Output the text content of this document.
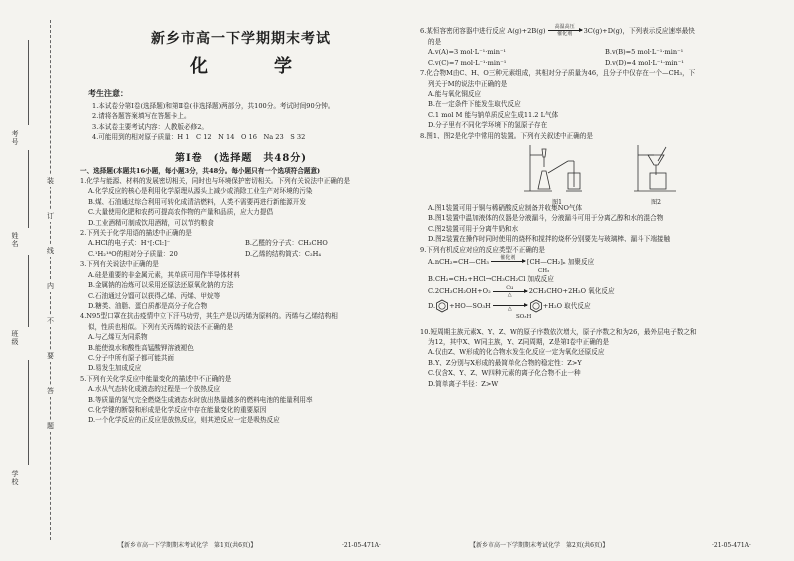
装
订
线
内
不
要
答
题
考号
姓名
班级
学校
新乡市高一下学期期末考试
化　学
考生注意：
1.本试卷分第Ⅰ卷(选择题)和第Ⅱ卷(非选择题)两部分，共100分。考试时间90分钟。
2.请将各题答案填写在答题卡上。
3.本试卷主要考试内容：人教版必修2。
4.可能用到的相对原子质量：H 1　C 12　N 14　O 16　Na 23　S 32
第Ⅰ卷　(选择题　共48分)
一、选择题(本题共16小题，每小题3分，共48分。每小题只有一个选项符合题意)
1.化学与能源、材料的发展密切相关，同时也与环境保护密切相关。下列有关说法中正确的是
A.化学反应的核心是利用化学原理从源头上减少或消除工业生产对环境的污染
B.煤、石油通过综合利用可转化成清洁燃料，人类不需要再进行新能源开发
C.大量使用化肥和农药可提高农作物的产量和品质，应大力提倡
D.工业酒精可制成饮用酒精，可以节约粮食
2.下列关于化学用语的描述中正确的是
A.HCl的电子式：H⁺[:Cl:]⁻	B.乙醛的分子式：CH₃CHO
C.¹H₂¹⁸O的相对分子质量：20	D.乙烯的结构简式：C₂H₄
3.下列有关说法中正确的是
A.硅是重要的非金属元素，其单质可用作半导体材料
B.金属钠的冶炼可以采用还原法还原氧化钠的方法
C.石油通过分馏可以获得乙烯、丙烯、甲烷等
D.糖类、油脂、蛋白质都是高分子化合物
4.N95型口罩在抗击疫情中立下汗马功劳，其生产是以丙烯为原料的。丙烯与乙烯结构相
似，性质也相似。下列有关丙烯的说法不正确的是
A.与乙烯互为同系物
B.能使溴水和酸性高锰酸钾溶液褪色
C.分子中所有原子都可能共面
D.易发生加成反应
5.下列有关化学反应中能量变化的描述中不正确的是
A.水从气态转化成液态的过程是一个放热反应
B.等质量的氢气完全燃烧生成液态水时放出热量越多的燃料电池的能量利用率
C.化学键的断裂和形成是化学反应中存在能量变化的重要原因
D.一个化学反应的正反应是放热反应，则其逆反应一定是吸热反应
【新乡市高一下学期期末考试化学　第1页(共6页)】	·21-05-471A·
6.某恒容密闭容器中进行反应 A(g)+2B(g) 高温高压
催化剂 3C(g)+D(g)，下列表示反应速率最快
的是
A.v(A)=3 mol·L⁻¹·min⁻¹	B.v(B)=5 mol·L⁻¹·min⁻¹
C.v(C)=7 mol·L⁻¹·min⁻¹	D.v(D)=4 mol·L⁻¹·min⁻¹
7.化合物M由C、H、O三种元素组成，其相对分子质量为46，且分子中仅存在一个—CH₃，下
列关于M的说法中正确的是
A.能与氧化铜反应
B.在一定条件下能发生取代反应
C.1 mol M 能与钠单质反应生成11.2 L气体
D.分子里有不同化学环境下的氢原子存在
8.图1、图2是化学中常用的装置。下列有关叙述中正确的是
图1	图2
A.图1装置可用于铜与稀硝酸反应制备并收集NO气体
B.图1装置中温加液体的仪器是分液漏斗，分液漏斗可用于分离乙醇和水的混合物
C.图2装置可用于分离牛奶和水
D.图2装置在操作时同时使用的烧杯和搅拌的烧杯分别要先与玻璃棒、漏斗下端接触
9.下列有机反应对应的反应类型不正确的是
A.nCH₂=CH—CH₃ 催化剂
[CH—CH₂]ₙ 加聚反应
CH₃
B.CH₂=CH₂+HCl→CH₃CH₂Cl 加成反应
C.2CH₃CH₂OH+O₂	Cu
△	2CH₃CHO+2H₂O 氧化反应
D. +HO—SO₃H
	△	+H₂O 取代反应
SO₃H
10.短周期主族元素X、Y、Z、W的原子序数依次增大，原子序数之和为26，最外层电子数之和
为12，其中X、W同主族，Y、Z同周期，Z是第Ⅰ卷中正确的是
A.仅由Z、W形成的化合物水发生化反应一定为氧化还原反应
B.Y、Z分别与X形成的最简单化合物的稳定性：Z>Y
C.仅含X、Y、Z、W四种元素的离子化合物不止一种
D.简单离子半径：Z>W
【新乡市高一下学期期末考试化学　第2页(共6页)】	·21-05-471A·
